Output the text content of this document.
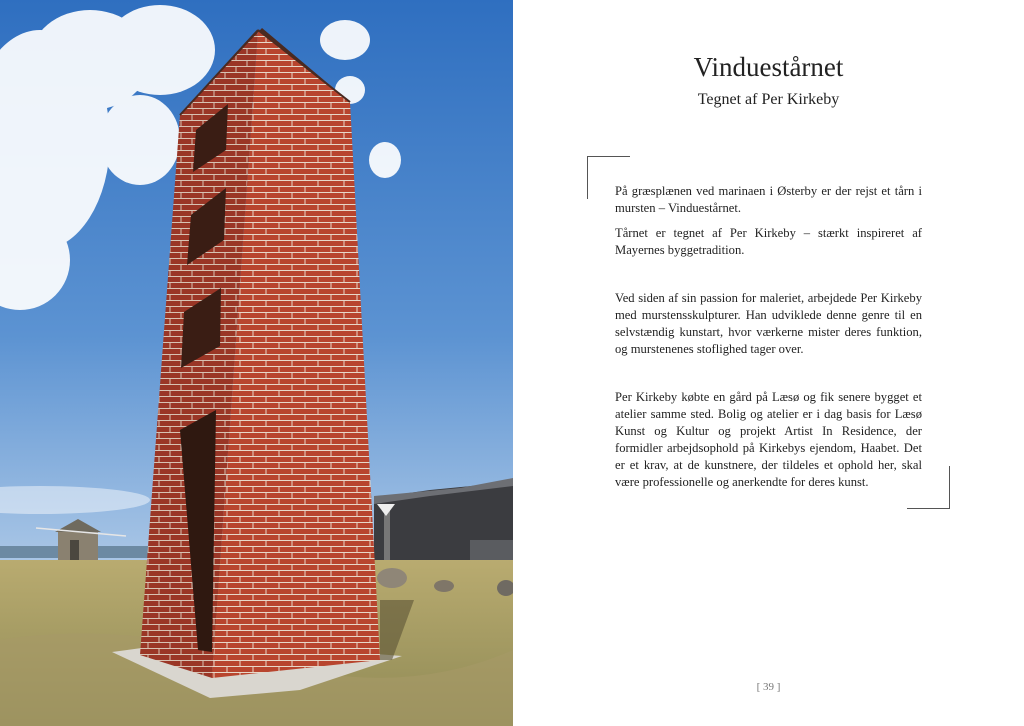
Vinduestårnet
Tegnet af Per Kirkeby

På græsplænen ved marinaen i Østerby er der rejst et tårn i mursten – Vinduestårnet.

Tårnet er tegnet af Per Kirkeby – stærkt inspireret af Mayernes byggetradition.

Ved siden af sin passion for maleriet, arbejdede Per Kirkeby med murstensskulpturer. Han udviklede denne genre til en selvstændig kunstart, hvor værkerne mister deres funktion, og murstenenes stoflighed tager over.

Per Kirkeby købte en gård på Læsø og fik senere bygget et atelier samme sted. Bolig og atelier er i dag basis for Læsø Kunst og Kultur og projekt Artist In Residence, der formidler arbejdsophold på Kirkebys ejendom, Haabet. Det er et krav, at de kunstnere, der tildeles et ophold her, skal være professionelle og anerkendte for deres kunst.

[ 39 ]
